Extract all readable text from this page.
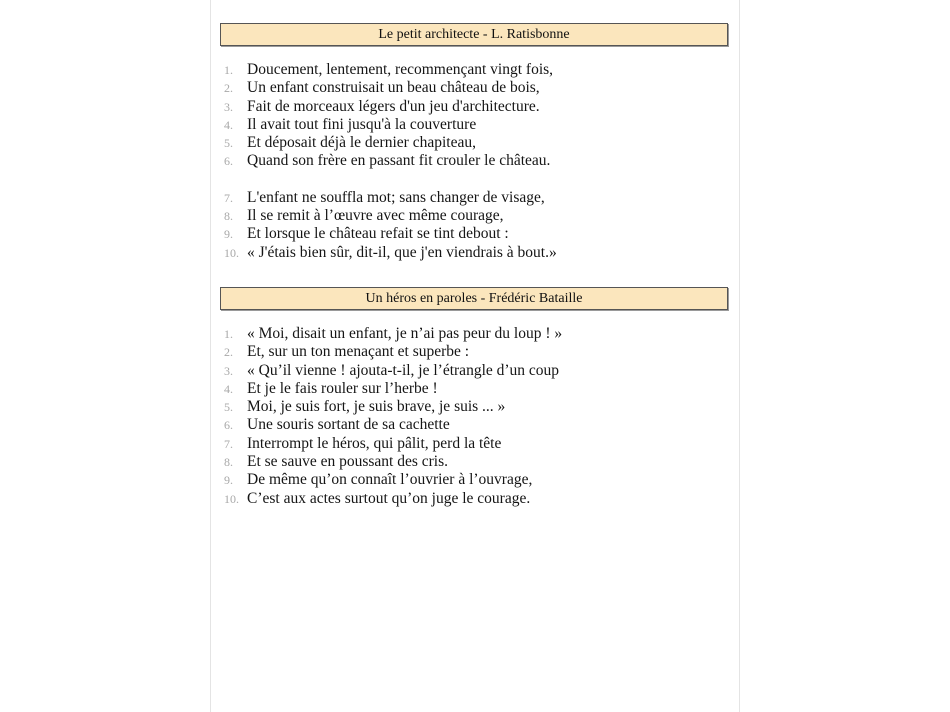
Le petit architecte - L. Ratisbonne
1. Doucement, lentement, recommençant vingt fois,
2. Un enfant construisait un beau château de bois,
3. Fait de morceaux légers d'un jeu d'architecture.
4. Il avait tout fini jusqu'à la couverture
5. Et déposait déjà le dernier chapiteau,
6. Quand son frère en passant fit crouler le château.
7. L'enfant ne souffla mot; sans changer de visage,
8. Il se remit à l’œuvre avec même courage,
9. Et lorsque le château refait se tint debout :
10. « J'étais bien sûr, dit-il, que j'en viendrais à bout.»
Un héros en paroles - Frédéric Bataille
1. « Moi, disait un enfant, je n’ai pas peur du loup ! »
2. Et, sur un ton menaçant et superbe :
3. « Qu’il vienne ! ajouta-t-il, je l’étrangle d’un coup
4. Et je le fais rouler sur l’herbe !
5. Moi, je suis fort, je suis brave, je suis ... »
6. Une souris sortant de sa cachette
7. Interrompt le héros, qui pâlit, perd la tête
8. Et se sauve en poussant des cris.
9. De même qu’on connaît l’ouvrier à l’ouvrage,
10. C’est aux actes surtout qu’on juge le courage.
